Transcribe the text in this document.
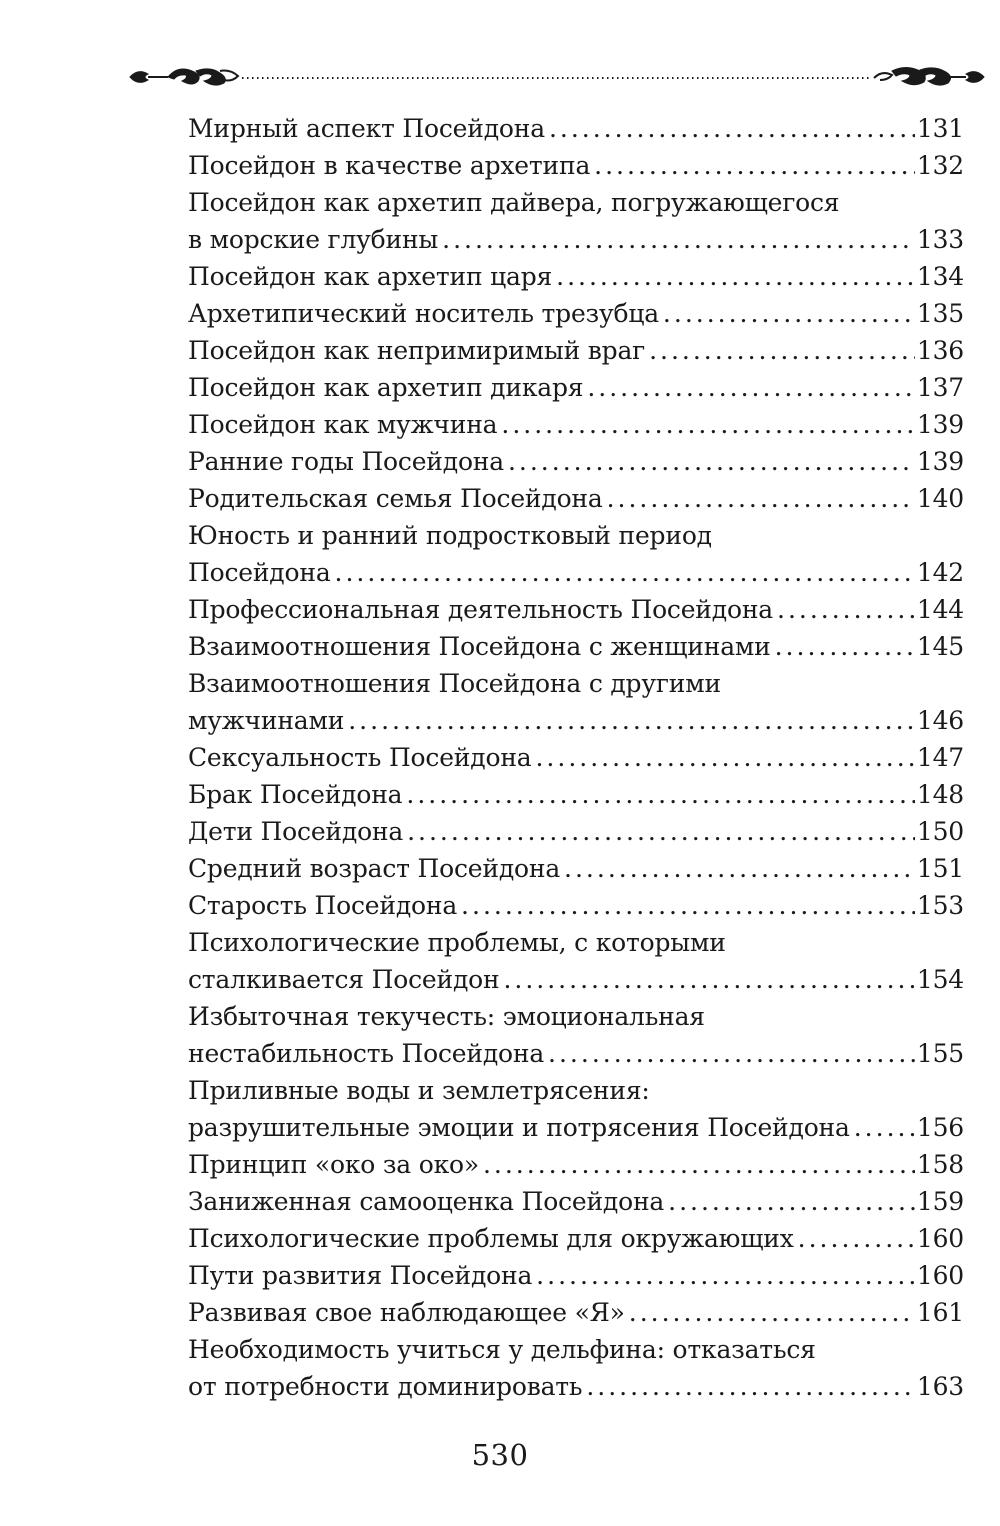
Мирный аспект Посейдона .....	131
Посейдон в качестве архетипа .....	132
Посейдон как архетип дайвера, погружающегося
в морские глубины .....	133
Посейдон как архетип царя .....	134
Архетипический носитель трезубца .....	135
Посейдон как непримиримый враг .....	136
Посейдон как архетип дикаря .....	137
Посейдон как мужчина .....	139
Ранние годы Посейдона .....	139
Родительская семья Посейдона .....	140
Юность и ранний подростковый период
Посейдона .....	142
Профессиональная деятельность Посейдона .....	144
Взаимоотношения Посейдона с женщинами .....	145
Взаимоотношения Посейдона с другими
мужчинами .....	146
Сексуальность Посейдона .....	147
Брак Посейдона .....	148
Дети Посейдона .....	150
Средний возраст Посейдона .....	151
Старость Посейдона .....	153
Психологические проблемы, с которыми
сталкивается Посейдон .....	154
Избыточная текучесть: эмоциональная
нестабильность Посейдона .....	155
Приливные воды и землетрясения:
разрушительные эмоции и потрясения Посейдона .....	156
Принцип «око за око» .....	158
Заниженная самооценка Посейдона .....	159
Психологические проблемы для окружающих .....	160
Пути развития Посейдона .....	160
Развивая свое наблюдающее «Я» .....	161
Необходимость учиться у дельфина: отказаться
от потребности доминировать .....	163
530
